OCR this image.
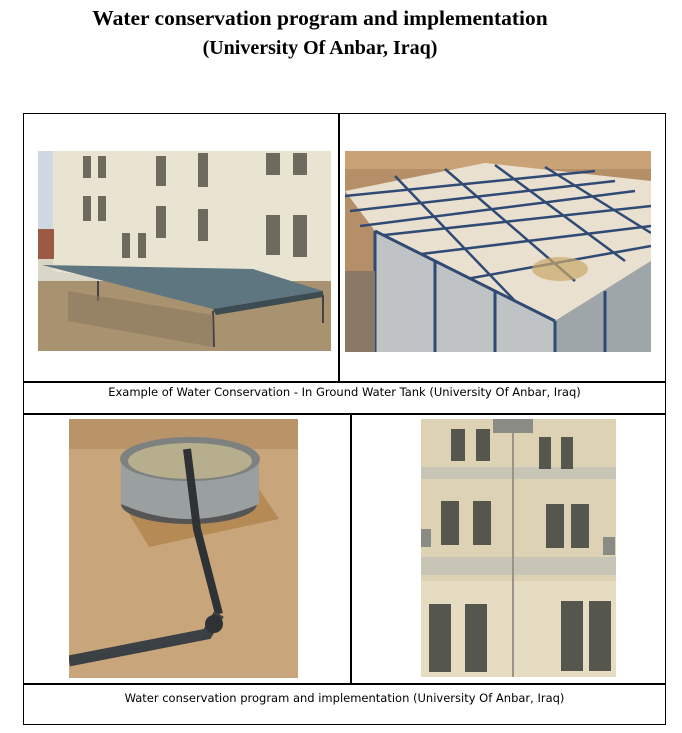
Water conservation program and implementation
(University Of Anbar, Iraq)
Example of Water Conservation - In Ground Water Tank (University Of Anbar, Iraq)
Water conservation program and implementation (University Of Anbar, Iraq)
